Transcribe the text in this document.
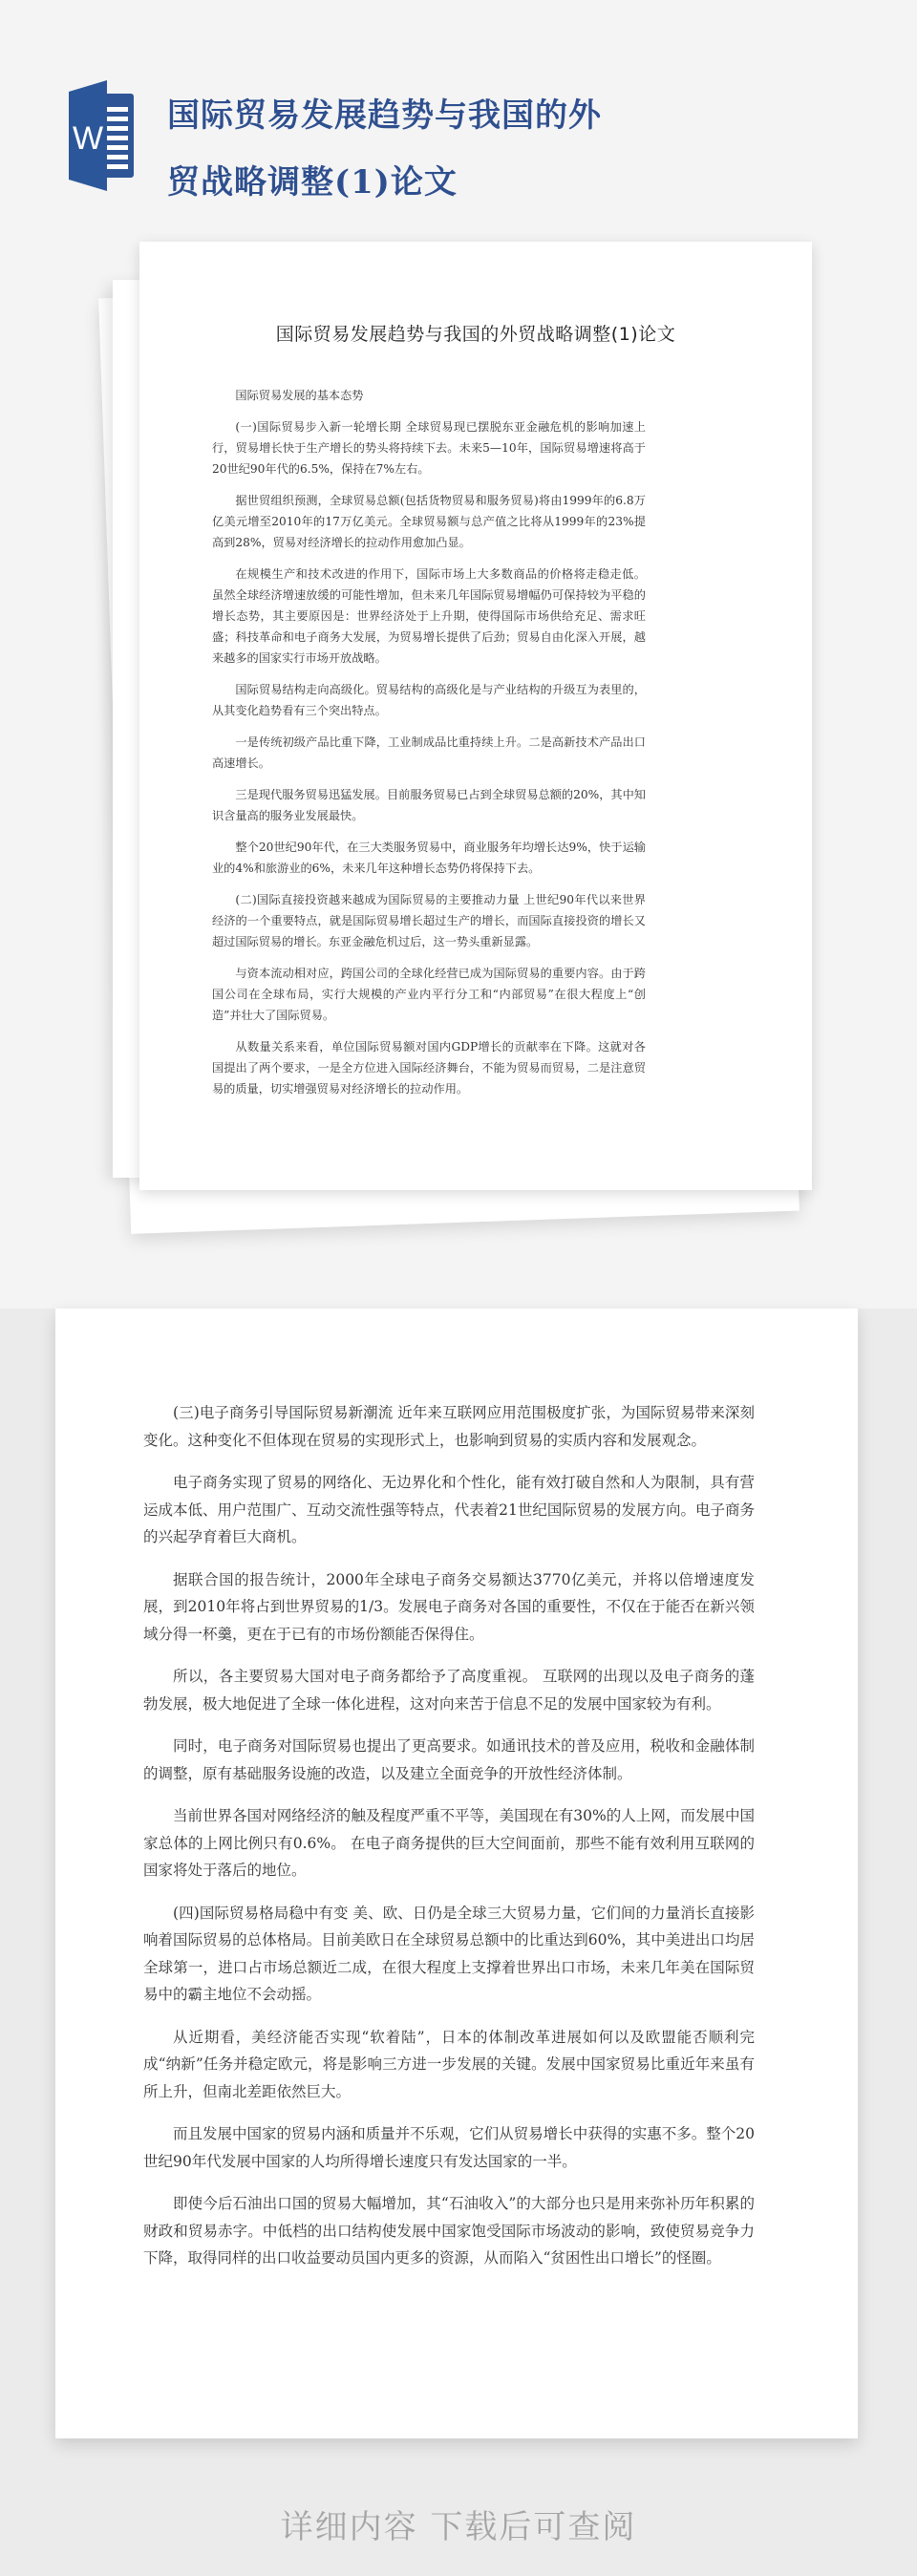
W
国际贸易发展趋势与我国的外
贸战略调整(1)论文
国际贸易发展趋势与我国的外贸战略调整(1)论文

国际贸易发展的基本态势

(一)国际贸易步入新一轮增长期 全球贸易现已摆脱东亚金融危机的影响加速上行，贸易增长快于生产增长的势头将持续下去。未来5—10年，国际贸易增速将高于20世纪90年代的6.5%，保持在7%左右。

据世贸组织预测，全球贸易总额(包括货物贸易和服务贸易)将由1999年的6.8万亿美元增至2010年的17万亿美元。全球贸易额与总产值之比将从1999年的23%提高到28%，贸易对经济增长的拉动作用愈加凸显。

在规模生产和技术改进的作用下，国际市场上大多数商品的价格将走稳走低。 虽然全球经济增速放缓的可能性增加，但未来几年国际贸易增幅仍可保持较为平稳的增长态势，其主要原因是：世界经济处于上升期，使得国际市场供给充足、需求旺盛；科技革命和电子商务大发展，为贸易增长提供了后劲；贸易自由化深入开展，越来越多的国家实行市场开放战略。

国际贸易结构走向高级化。贸易结构的高级化是与产业结构的升级互为表里的，从其变化趋势看有三个突出特点。

一是传统初级产品比重下降，工业制成品比重持续上升。二是高新技术产品出口高速增长。

三是现代服务贸易迅猛发展。目前服务贸易已占到全球贸易总额的20%，其中知识含量高的服务业发展最快。

整个20世纪90年代，在三大类服务贸易中，商业服务年均增长达9%，快于运输业的4%和旅游业的6%，未来几年这种增长态势仍将保持下去。

(二)国际直接投资越来越成为国际贸易的主要推动力量 上世纪90年代以来世界经济的一个重要特点，就是国际贸易增长超过生产的增长，而国际直接投资的增长又超过国际贸易的增长。东亚金融危机过后，这一势头重新显露。

与资本流动相对应，跨国公司的全球化经营已成为国际贸易的重要内容。由于跨国公司在全球布局，实行大规模的产业内平行分工和“内部贸易”在很大程度上“创造”并壮大了国际贸易。

从数量关系来看，单位国际贸易额对国内GDP增长的贡献率在下降。这就对各国提出了两个要求，一是全方位进入国际经济舞台，不能为贸易而贸易，二是注意贸易的质量，切实增强贸易对经济增长的拉动作用。

(三)电子商务引导国际贸易新潮流 近年来互联网应用范围极度扩张，为国际贸易带来深刻变化。这种变化不但体现在贸易的实现形式上，也影响到贸易的实质内容和发展观念。

电子商务实现了贸易的网络化、无边界化和个性化，能有效打破自然和人为限制，具有营运成本低、用户范围广、互动交流性强等特点，代表着21世纪国际贸易的发展方向。电子商务的兴起孕育着巨大商机。

据联合国的报告统计，2000年全球电子商务交易额达3770亿美元，并将以倍增速度发展，到2010年将占到世界贸易的1/3。发展电子商务对各国的重要性，不仅在于能否在新兴领域分得一杯羹，更在于已有的市场份额能否保得住。

所以，各主要贸易大国对电子商务都给予了高度重视。 互联网的出现以及电子商务的蓬勃发展，极大地促进了全球一体化进程，这对向来苦于信息不足的发展中国家较为有利。

同时，电子商务对国际贸易也提出了更高要求。如通讯技术的普及应用，税收和金融体制的调整，原有基础服务设施的改造，以及建立全面竞争的开放性经济体制。

当前世界各国对网络经济的触及程度严重不平等，美国现在有30%的人上网，而发展中国家总体的上网比例只有0.6%。 在电子商务提供的巨大空间面前，那些不能有效利用互联网的国家将处于落后的地位。

(四)国际贸易格局稳中有变 美、欧、日仍是全球三大贸易力量，它们间的力量消长直接影响着国际贸易的总体格局。目前美欧日在全球贸易总额中的比重达到60%，其中美进出口均居全球第一，进口占市场总额近二成，在很大程度上支撑着世界出口市场，未来几年美在国际贸易中的霸主地位不会动摇。

从近期看，美经济能否实现“软着陆”，日本的体制改革进展如何以及欧盟能否顺利完成“纳新”任务并稳定欧元，将是影响三方进一步发展的关键。发展中国家贸易比重近年来虽有所上升，但南北差距依然巨大。

而且发展中国家的贸易内涵和质量并不乐观，它们从贸易增长中获得的实惠不多。整个20世纪90年代发展中国家的人均所得增长速度只有发达国家的一半。

即使今后石油出口国的贸易大幅增加，其“石油收入”的大部分也只是用来弥补历年积累的财政和贸易赤字。中低档的出口结构使发展中国家饱受国际市场波动的影响，致使贸易竞争力下降，取得同样的出口收益要动员国内更多的资源，从而陷入“贫困性出口增长”的怪圈。

详细内容 下载后可查阅
